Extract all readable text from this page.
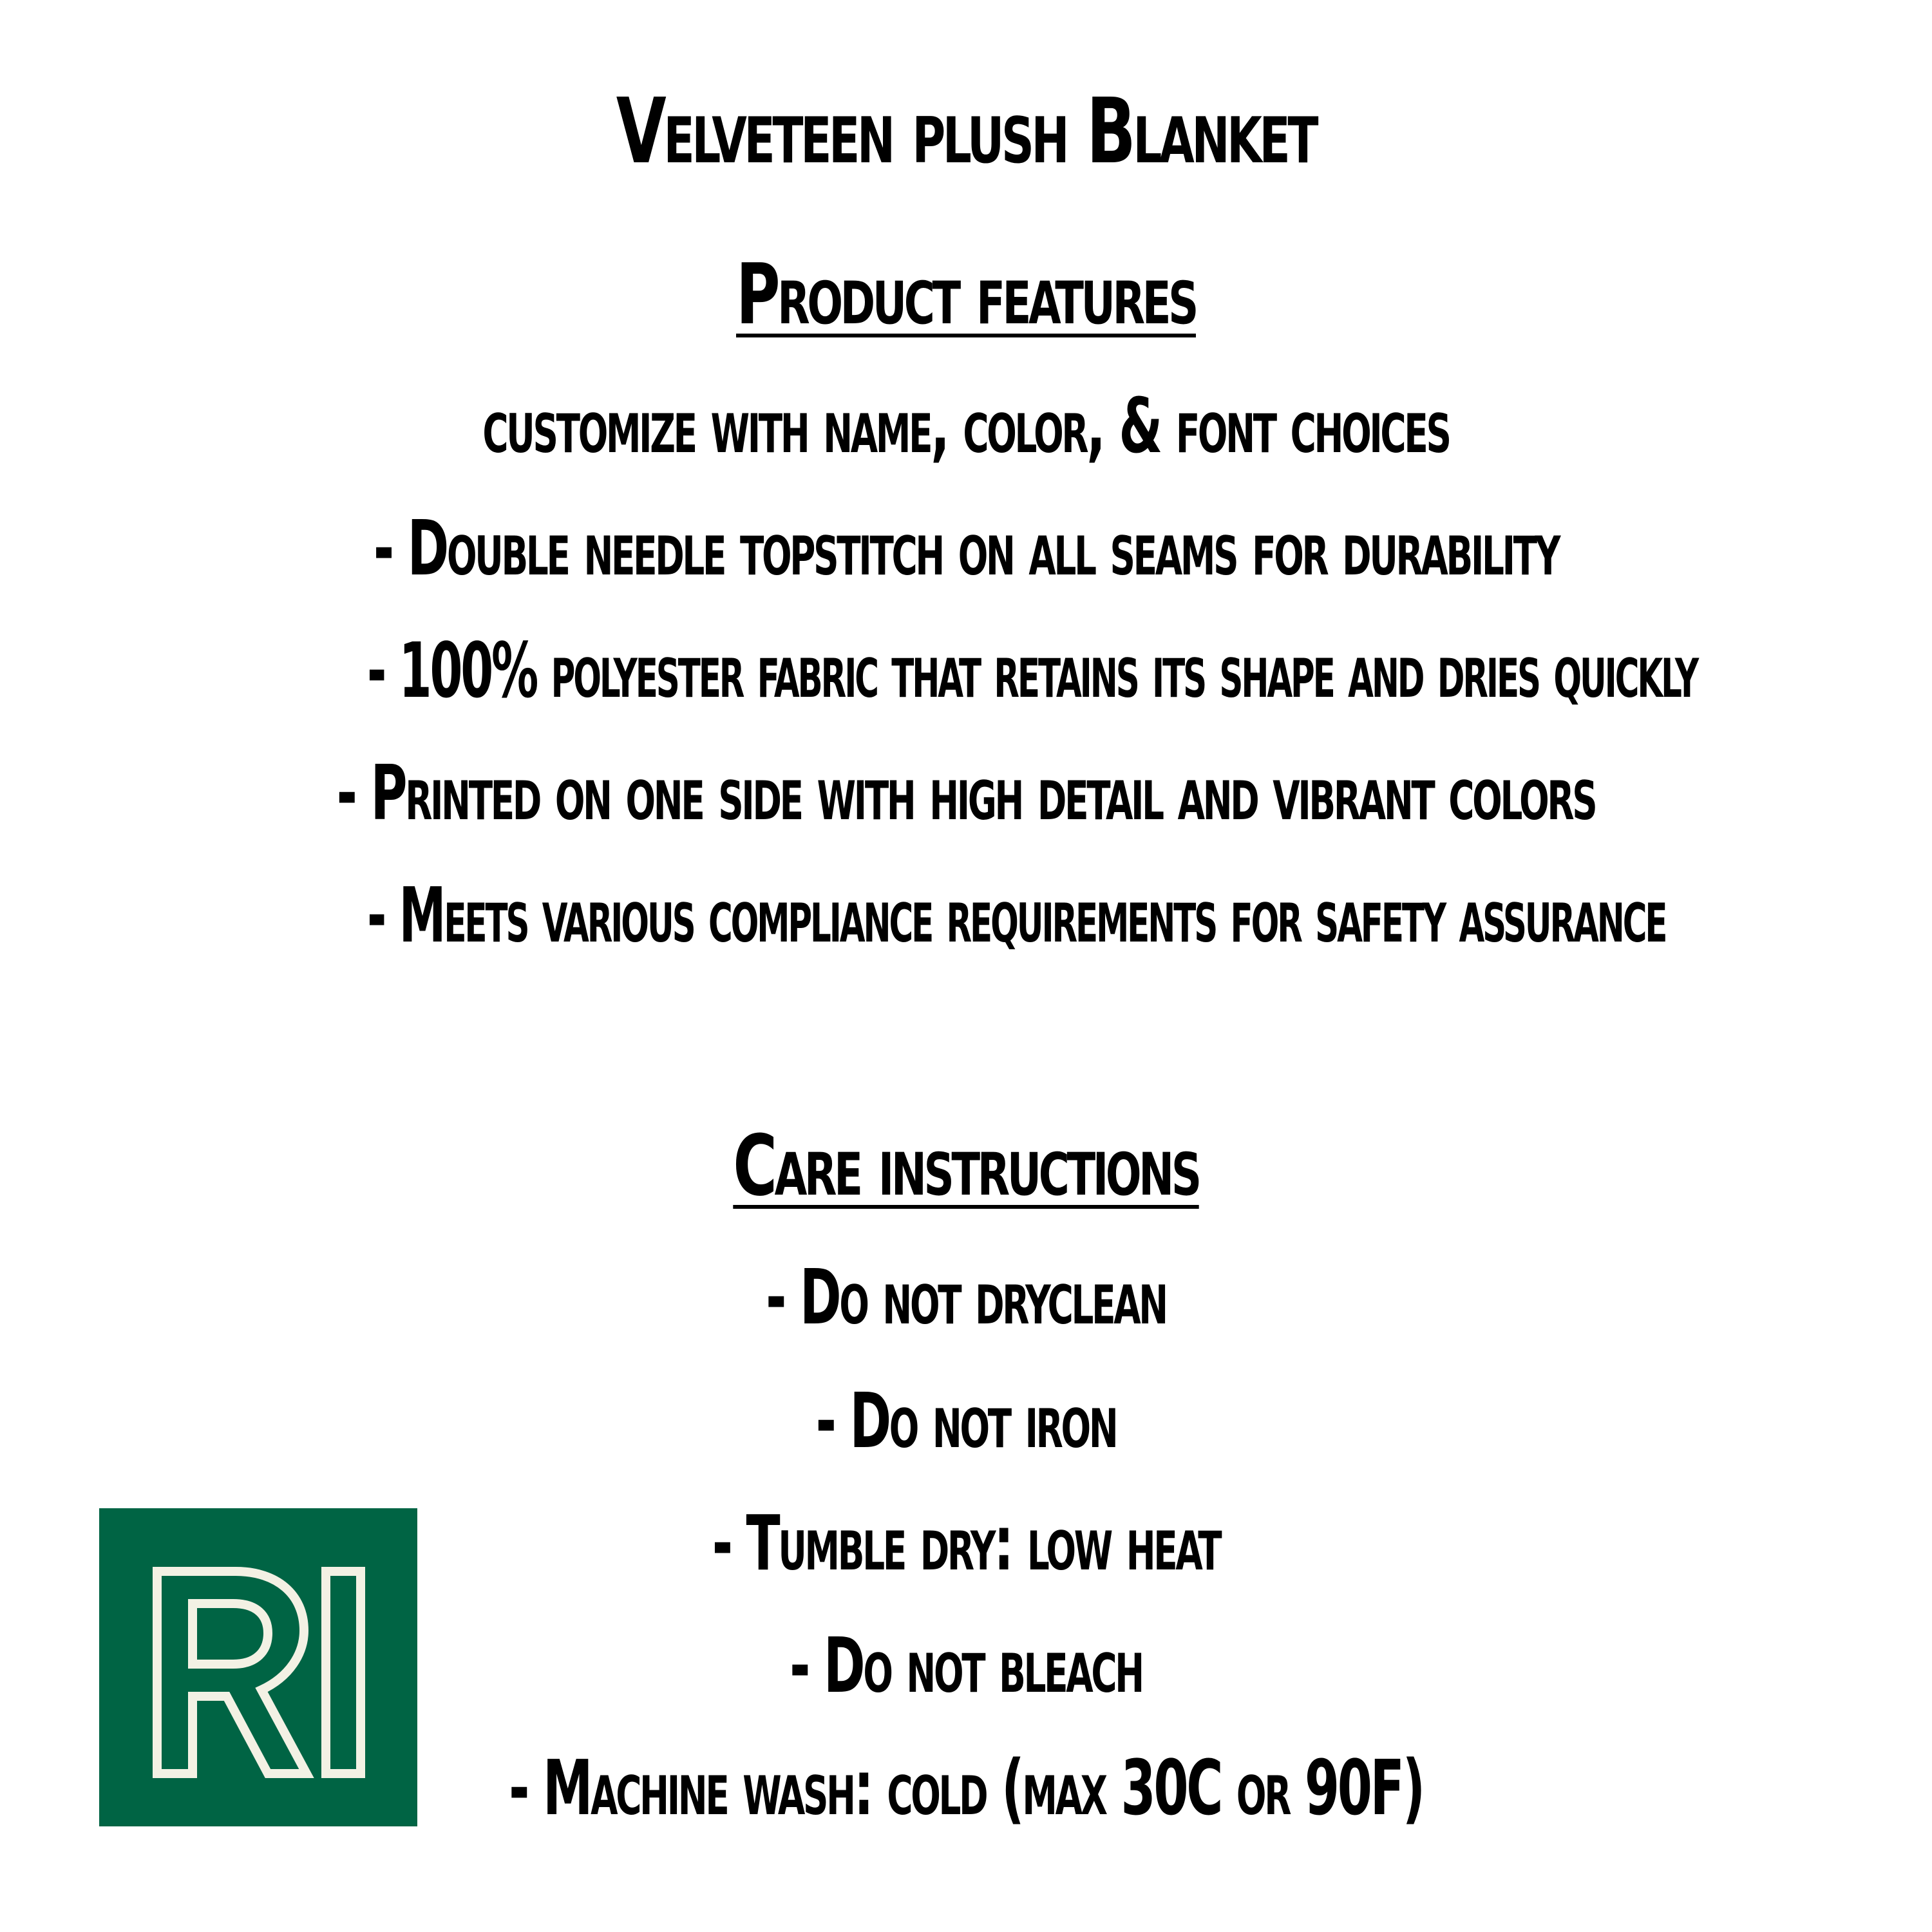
Velveteen plush Blanket
Product features
customize with name, color, & font choices
- Double needle topstitch on all seams for durability
- 100% polyester fabric that retains its shape and dries quickly
- Printed on one side with high detail and vibrant colors
- Meets various compliance requirements for safety assurance
Care instructions
- Do not dryclean
- Do not iron
- Tumble dry: low heat
- Do not bleach
- Machine wash: cold (max 30C or 90F)
